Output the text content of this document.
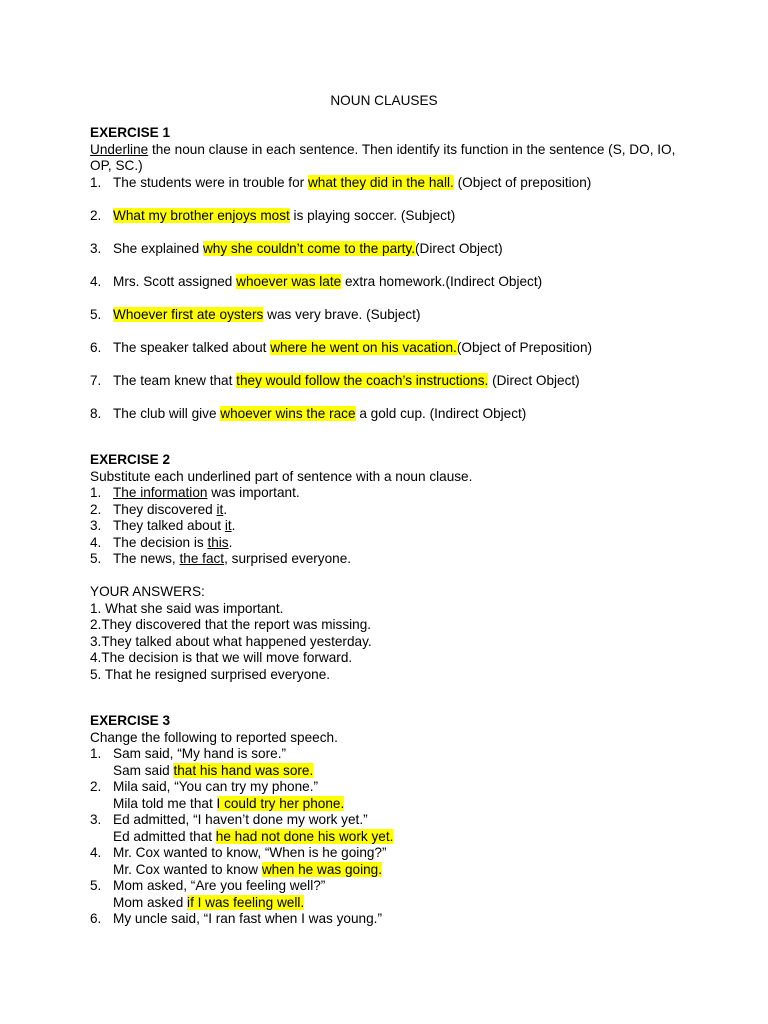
NOUN CLAUSES
EXERCISE 1
Underline the noun clause in each sentence. Then identify its function in the sentence (S, DO, IO, OP, SC.)
1. The students were in trouble for what they did in the hall. (Object of preposition)
2. What my brother enjoys most is playing soccer. (Subject)
3. She explained why she couldn’t come to the party.(Direct Object)
4. Mrs. Scott assigned whoever was late extra homework.(Indirect Object)
5. Whoever first ate oysters was very brave. (Subject)
6. The speaker talked about where he went on his vacation.(Object of Preposition)
7. The team knew that they would follow the coach’s instructions. (Direct Object)
8. The club will give whoever wins the race a gold cup. (Indirect Object)
EXERCISE 2
Substitute each underlined part of sentence with a noun clause.
1. The information was important.
2. They discovered it.
3. They talked about it.
4. The decision is this.
5. The news, the fact, surprised everyone.
YOUR ANSWERS:
1. What she said was important.
2.They discovered that the report was missing.
3.They talked about what happened yesterday.
4.The decision is that we will move forward.
5. That he resigned surprised everyone.
EXERCISE 3
Change the following to reported speech.
1. Sam said, “My hand is sore.”
Sam said that his hand was sore.
2. Mila said, “You can try my phone.”
Mila told me that I could try her phone.
3. Ed admitted, “I haven’t done my work yet.”
Ed admitted that he had not done his work yet.
4. Mr. Cox wanted to know, “When is he going?”
Mr. Cox wanted to know when he was going.
5. Mom asked, “Are you feeling well?”
Mom asked if I was feeling well.
6. My uncle said, “I ran fast when I was young.”
